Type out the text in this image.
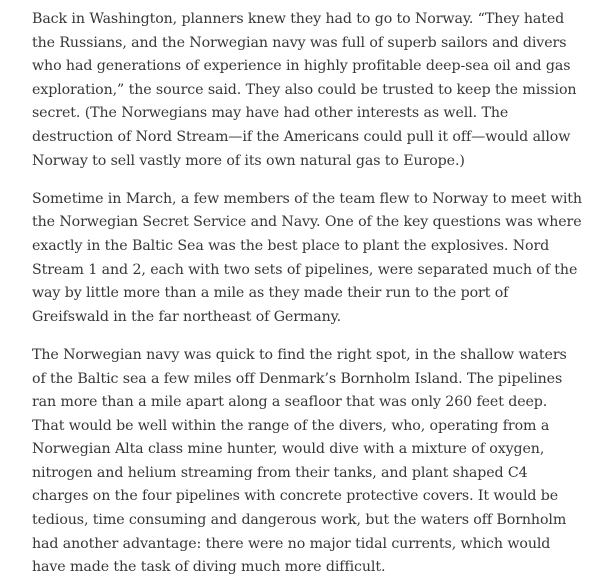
Back in Washington, planners knew they had to go to Norway. “They hated the Russians, and the Norwegian navy was full of superb sailors and divers who had generations of experience in highly profitable deep-sea oil and gas exploration,” the source said. They also could be trusted to keep the mission secret. (The Norwegians may have had other interests as well. The destruction of Nord Stream—if the Americans could pull it off—would allow Norway to sell vastly more of its own natural gas to Europe.)

Sometime in March, a few members of the team flew to Norway to meet with the Norwegian Secret Service and Navy. One of the key questions was where exactly in the Baltic Sea was the best place to plant the explosives. Nord Stream 1 and 2, each with two sets of pipelines, were separated much of the way by little more than a mile as they made their run to the port of Greifswald in the far northeast of Germany.

The Norwegian navy was quick to find the right spot, in the shallow waters of the Baltic sea a few miles off Denmark’s Bornholm Island. The pipelines ran more than a mile apart along a seafloor that was only 260 feet deep. That would be well within the range of the divers, who, operating from a Norwegian Alta class mine hunter, would dive with a mixture of oxygen, nitrogen and helium streaming from their tanks, and plant shaped C4 charges on the four pipelines with concrete protective covers. It would be tedious, time consuming and dangerous work, but the waters off Bornholm had another advantage: there were no major tidal currents, which would have made the task of diving much more difficult.
